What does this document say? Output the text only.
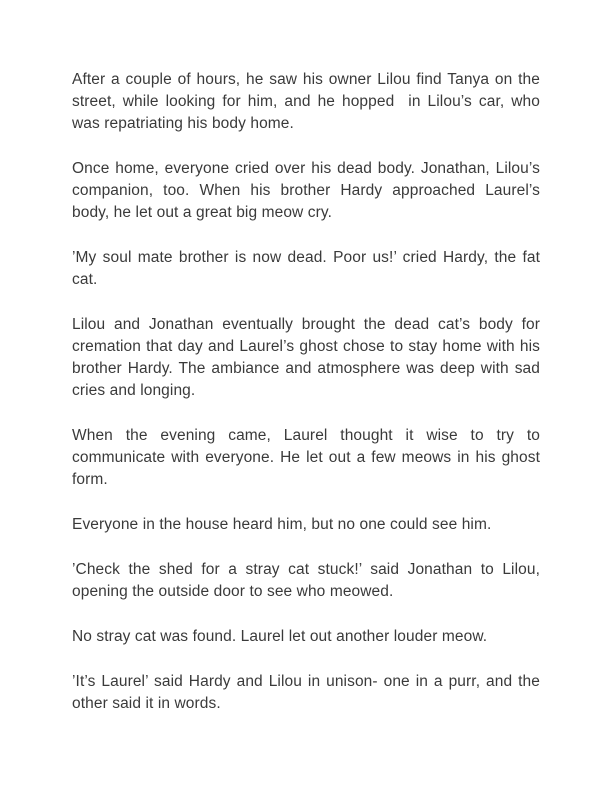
After a couple of hours, he saw his owner Lilou find Tanya on the street, while looking for him, and he hopped  in Lilou’s car, who was repatriating his body home.

Once home, everyone cried over his dead body. Jonathan, Lilou’s companion, too. When his brother Hardy approached Laurel’s body, he let out a great big meow cry.

’My soul mate brother is now dead. Poor us!’ cried Hardy, the fat cat.

Lilou and Jonathan eventually brought the dead cat’s body for cremation that day and Laurel’s ghost chose to stay home with his brother Hardy. The ambiance and atmosphere was deep with sad cries and longing.

When the evening came, Laurel thought it wise to try to communicate with everyone. He let out a few meows in his ghost form.

Everyone in the house heard him, but no one could see him.

’Check the shed for a stray cat stuck!’ said Jonathan to Lilou, opening the outside door to see who meowed.

No stray cat was found. Laurel let out another louder meow.

’It’s Laurel’ said Hardy and Lilou in unison- one in a purr, and the other said it in words.
